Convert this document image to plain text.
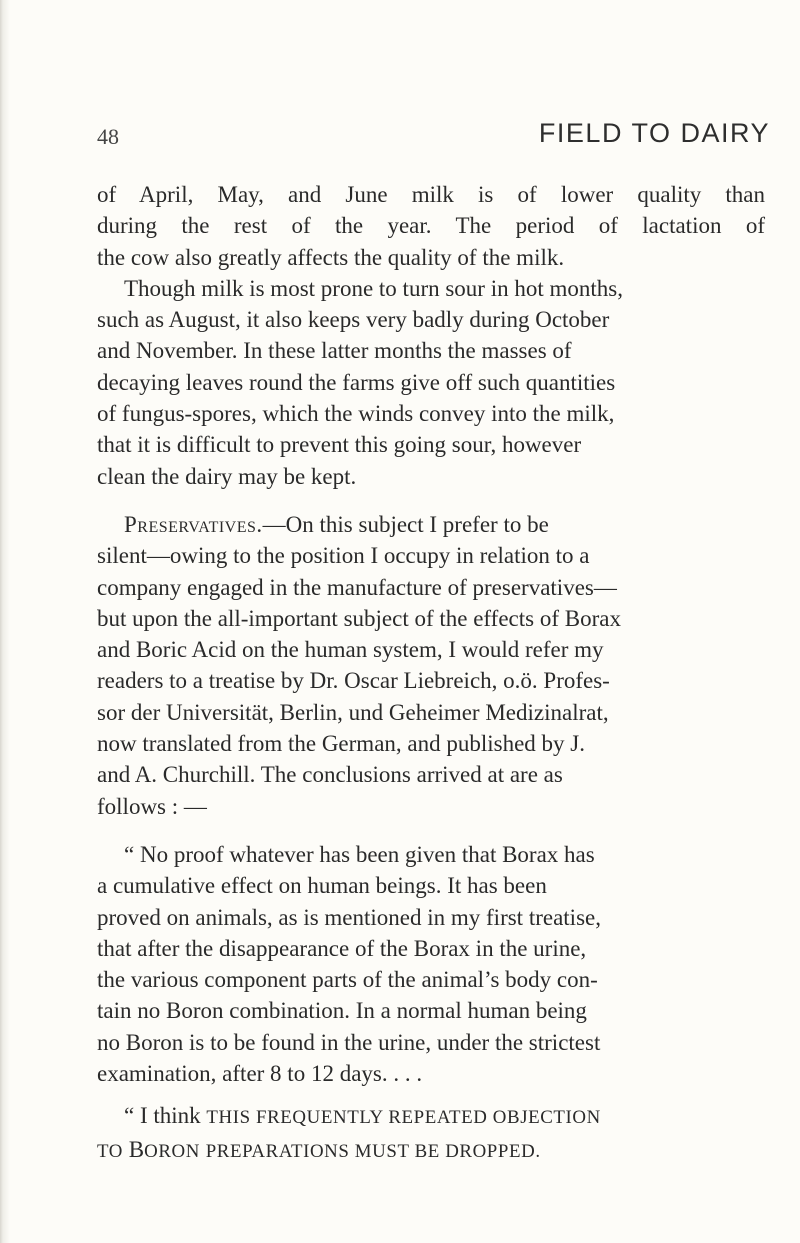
48	FIELD TO DAIRY

of April, May, and June milk is of lower quality than
during the rest of the year. The period of lactation of
the cow also greatly affects the quality of the milk.

Though milk is most prone to turn sour in hot months,

such as August, it also keeps very badly during October
and November. In these latter months the masses of
decaying leaves round the farms give off such quantities
of fungus-spores, which the winds convey into the milk,
that it is difficult to prevent this going sour, however
clean the dairy may be kept.

Preservatives.—On this subject I prefer to be
silent—owing to the position I occupy in relation to a
company engaged in the manufacture of preservatives—
but upon the all-important subject of the effects of Borax
and Boric Acid on the human system, I would refer my
readers to a treatise by Dr. Oscar Liebreich, o.ö. Profes-
sor der Universität, Berlin, und Geheimer Medizinalrat,
now translated from the German, and published by J.
and A. Churchill. The conclusions arrived at are as
follows : —

“ No proof whatever has been given that Borax has
a cumulative effect on human beings. It has been
proved on animals, as is mentioned in my first treatise,
that after the disappearance of the Borax in the urine,
the various component parts of the animal’s body con-
tain no Boron combination. In a normal human being
no Boron is to be found in the urine, under the strictest
examination, after 8 to 12 days. . . .

“ I think THIS FREQUENTLY REPEATED OBJECTION
TO BORON PREPARATIONS MUST BE DROPPED.
